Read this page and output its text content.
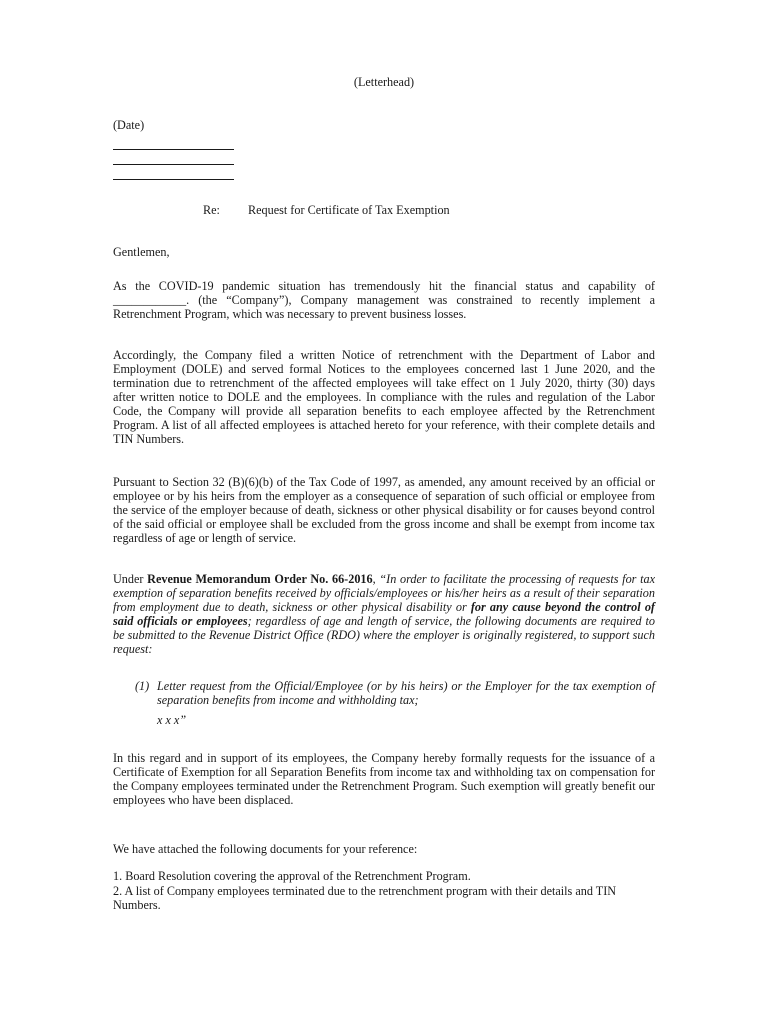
(Letterhead)
(Date)
Re: Request for Certificate of Tax Exemption
Gentlemen,

As the COVID-19 pandemic situation has tremendously hit the financial status and capability of ____________. (the “Company”), Company management was constrained to recently implement a Retrenchment Program, which was necessary to prevent business losses.

Accordingly, the Company filed a written Notice of retrenchment with the Department of Labor and Employment (DOLE) and served formal Notices to the employees concerned last 1 June 2020, and the termination due to retrenchment of the affected employees will take effect on 1 July 2020, thirty (30) days after written notice to DOLE and the employees. In compliance with the rules and regulation of the Labor Code, the Company will provide all separation benefits to each employee affected by the Retrenchment Program. A list of all affected employees is attached hereto for your reference, with their complete details and TIN Numbers.

Pursuant to Section 32 (B)(6)(b) of the Tax Code of 1997, as amended, any amount received by an official or employee or by his heirs from the employer as a consequence of separation of such official or employee from the service of the employer because of death, sickness or other physical disability or for causes beyond control of the said official or employee shall be excluded from the gross income and shall be exempt from income tax regardless of age or length of service.

Under Revenue Memorandum Order No. 66-2016, “In order to facilitate the processing of requests for tax exemption of separation benefits received by officials/employees or his/her heirs as a result of their separation from employment due to death, sickness or other physical disability or for any cause beyond the control of said officials or employees; regardless of age and length of service, the following documents are required to be submitted to the Revenue District Office (RDO) where the employer is originally registered, to support such request:

(1) Letter request from the Official/Employee (or by his heirs) or the Employer for the tax exemption of separation benefits from income and withholding tax;
x x x”

In this regard and in support of its employees, the Company hereby formally requests for the issuance of a Certificate of Exemption for all Separation Benefits from income tax and withholding tax on compensation for the Company employees terminated under the Retrenchment Program. Such exemption will greatly benefit our employees who have been displaced.

We have attached the following documents for your reference:
1. Board Resolution covering the approval of the Retrenchment Program.
2. A list of Company employees terminated due to the retrenchment program with their details and TIN Numbers.
